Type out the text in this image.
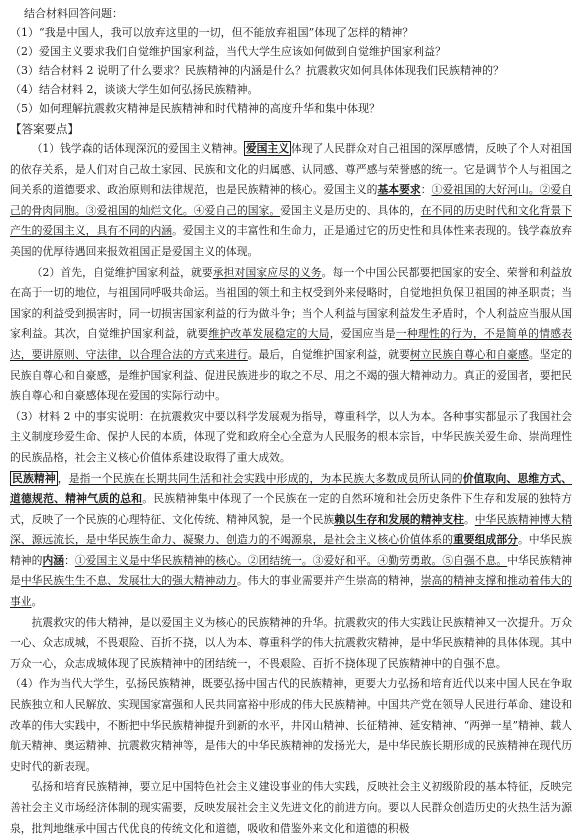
结合材料回答问题：
（1）“我是中国人，我可以放弃这里的一切，但不能放弃祖国”体现了怎样的精神？
（2）爱国主义要求我们自觉维护国家利益，当代大学生应该如何做到自觉维护国家利益？
（3）结合材料 2 说明了什么要求？民族精神的内涵是什么？抗震救灾如何具体体现我们民族精神的？
（4）结合材料 2，谈谈大学生如何弘扬民族精神。
（5）如何理解抗震救灾精神是民族精神和时代精神的高度升华和集中体现？
【答案要点】

（1）钱学森的话体现深沉的爱国主义精神。 爱国主义 体现了人民群众对自己祖国的深厚感情，反映了个人对祖国的依存关系，是人们对自己故土家园、民族和文化的归属感、认同感、尊严感与荣誉感的统一。它是调节个人与祖国之间关系的道德要求、政治原则和法律规范，也是民族精神的核心。爱国主义的基本要求：①爱祖国的大好河山。②爱自己的骨肉同胞。③爱祖国的灿烂文化。④爱自己的国家。爱国主义是历史的、具体的，在不同的历史时代和文化背景下产生的爱国主义，具有不同的内涵。爱国主义的丰富性和生命力，正是通过它的历史性和具体性来表现的。钱学森放弃美国的优厚待遇回来报效祖国正是爱国主义的体现。

（2）首先，自觉维护国家利益，就要承担对国家应尽的义务。每一个中国公民都要把国家的安全、荣誉和利益放在高于一切的地位，与祖国同呼吸共命运。当祖国的领土和主权受到外来侵略时，自觉地担负保卫祖国的神圣职责；当国家的利益受到损害时，同一切损害国家利益的行为做斗争；当个人利益与国家利益发生矛盾时，个人利益应当服从国家利益。其次，自觉维护国家利益，就要维护改革发展稳定的大局，爱国应当是一种理性的行为，不是简单的情感表达，要讲原则、守法律，以合理合法的方式来进行。最后，自觉维护国家利益，就要树立民族自尊心和自豪感。坚定的民族自尊心和自豪感，是维护国家利益、促进民族进步的取之不尽、用之不竭的强大精神动力。真正的爱国者，要把民族自尊心和自豪感体现在爱国的实际行动中。

（3）材料 2 中的事实说明：在抗震救灾中要以科学发展观为指导，尊重科学，以人为本。各种事实都显示了我国社会主义制度珍爱生命、保护人民的本质，体现了党和政府全心全意为人民服务的根本宗旨，中华民族关爱生命、崇尚理性的民族品格，社会主义核心价值体系建设取得了重大成效。

民族精神 ，是指一个民族在长期共同生活和社会实践中形成的，为本民族大多数成员所认同的价值取向、思维方式、道德规范、精神气质的总和。民族精神集中体现了一个民族在一定的自然环境和社会历史条件下生存和发展的独特方式，反映了一个民族的心理特征、文化传统、精神风貌，是一个民族赖以生存和发展的精神支柱。中华民族精神博大精深、源远流长，是中华民族生命力、凝聚力、创造力的不竭源泉，是社会主义核心价值体系的重要组成部分。中华民族精神的内涵：①爱国主义是中华民族精神的核心。②团结统一。③爱好和平。④勤劳勇敢。⑤自强不息。中华民族精神是中华民族生生不息、发展壮大的强大精神动力。伟大的事业需要并产生崇高的精神，崇高的精神支撑和推动着伟大的事业。

抗震救灾的伟大精神，是以爱国主义为核心的民族精神的升华。抗震救灾的伟大实践让民族精神又一次提升。万众一心、众志成城，不畏艰险、百折不挠，以人为本、尊重科学的伟大抗震救灾精神，是中华民族精神的具体体现。其中万众一心，众志成城体现了民族精神中的团结统一，不畏艰险、百折不挠体现了民族精神中的自强不息。

（4）作为当代大学生，弘扬民族精神，既要弘扬中国古代的民族精神，更要大力弘扬和培育近代以来中国人民在争取民族独立和人民解放、实现国家富强和人民共同富裕中形成的伟大民族精神。中国共产党在领导人民进行革命、建设和改革的伟大实践中，不断把中华民族精神提升到新的水平，井冈山精神、长征精神、延安精神、“两弹一星”精神、载人航天精神、奥运精神、抗震救灾精神等，是伟大的中华民族精神的发扬光大，是中华民族长期形成的民族精神在现代历史时代的新表现。

弘扬和培育民族精神，要立足中国特色社会主义建设事业的伟大实践，反映社会主义初级阶段的基本特征，反映完善社会主义市场经济体制的现实需要，反映发展社会主义先进文化的前进方向。要以人民群众创造历史的火热生活为源泉，批判地继承中国古代优良的传统文化和道德，吸收和借鉴外来文化和道德的积极
